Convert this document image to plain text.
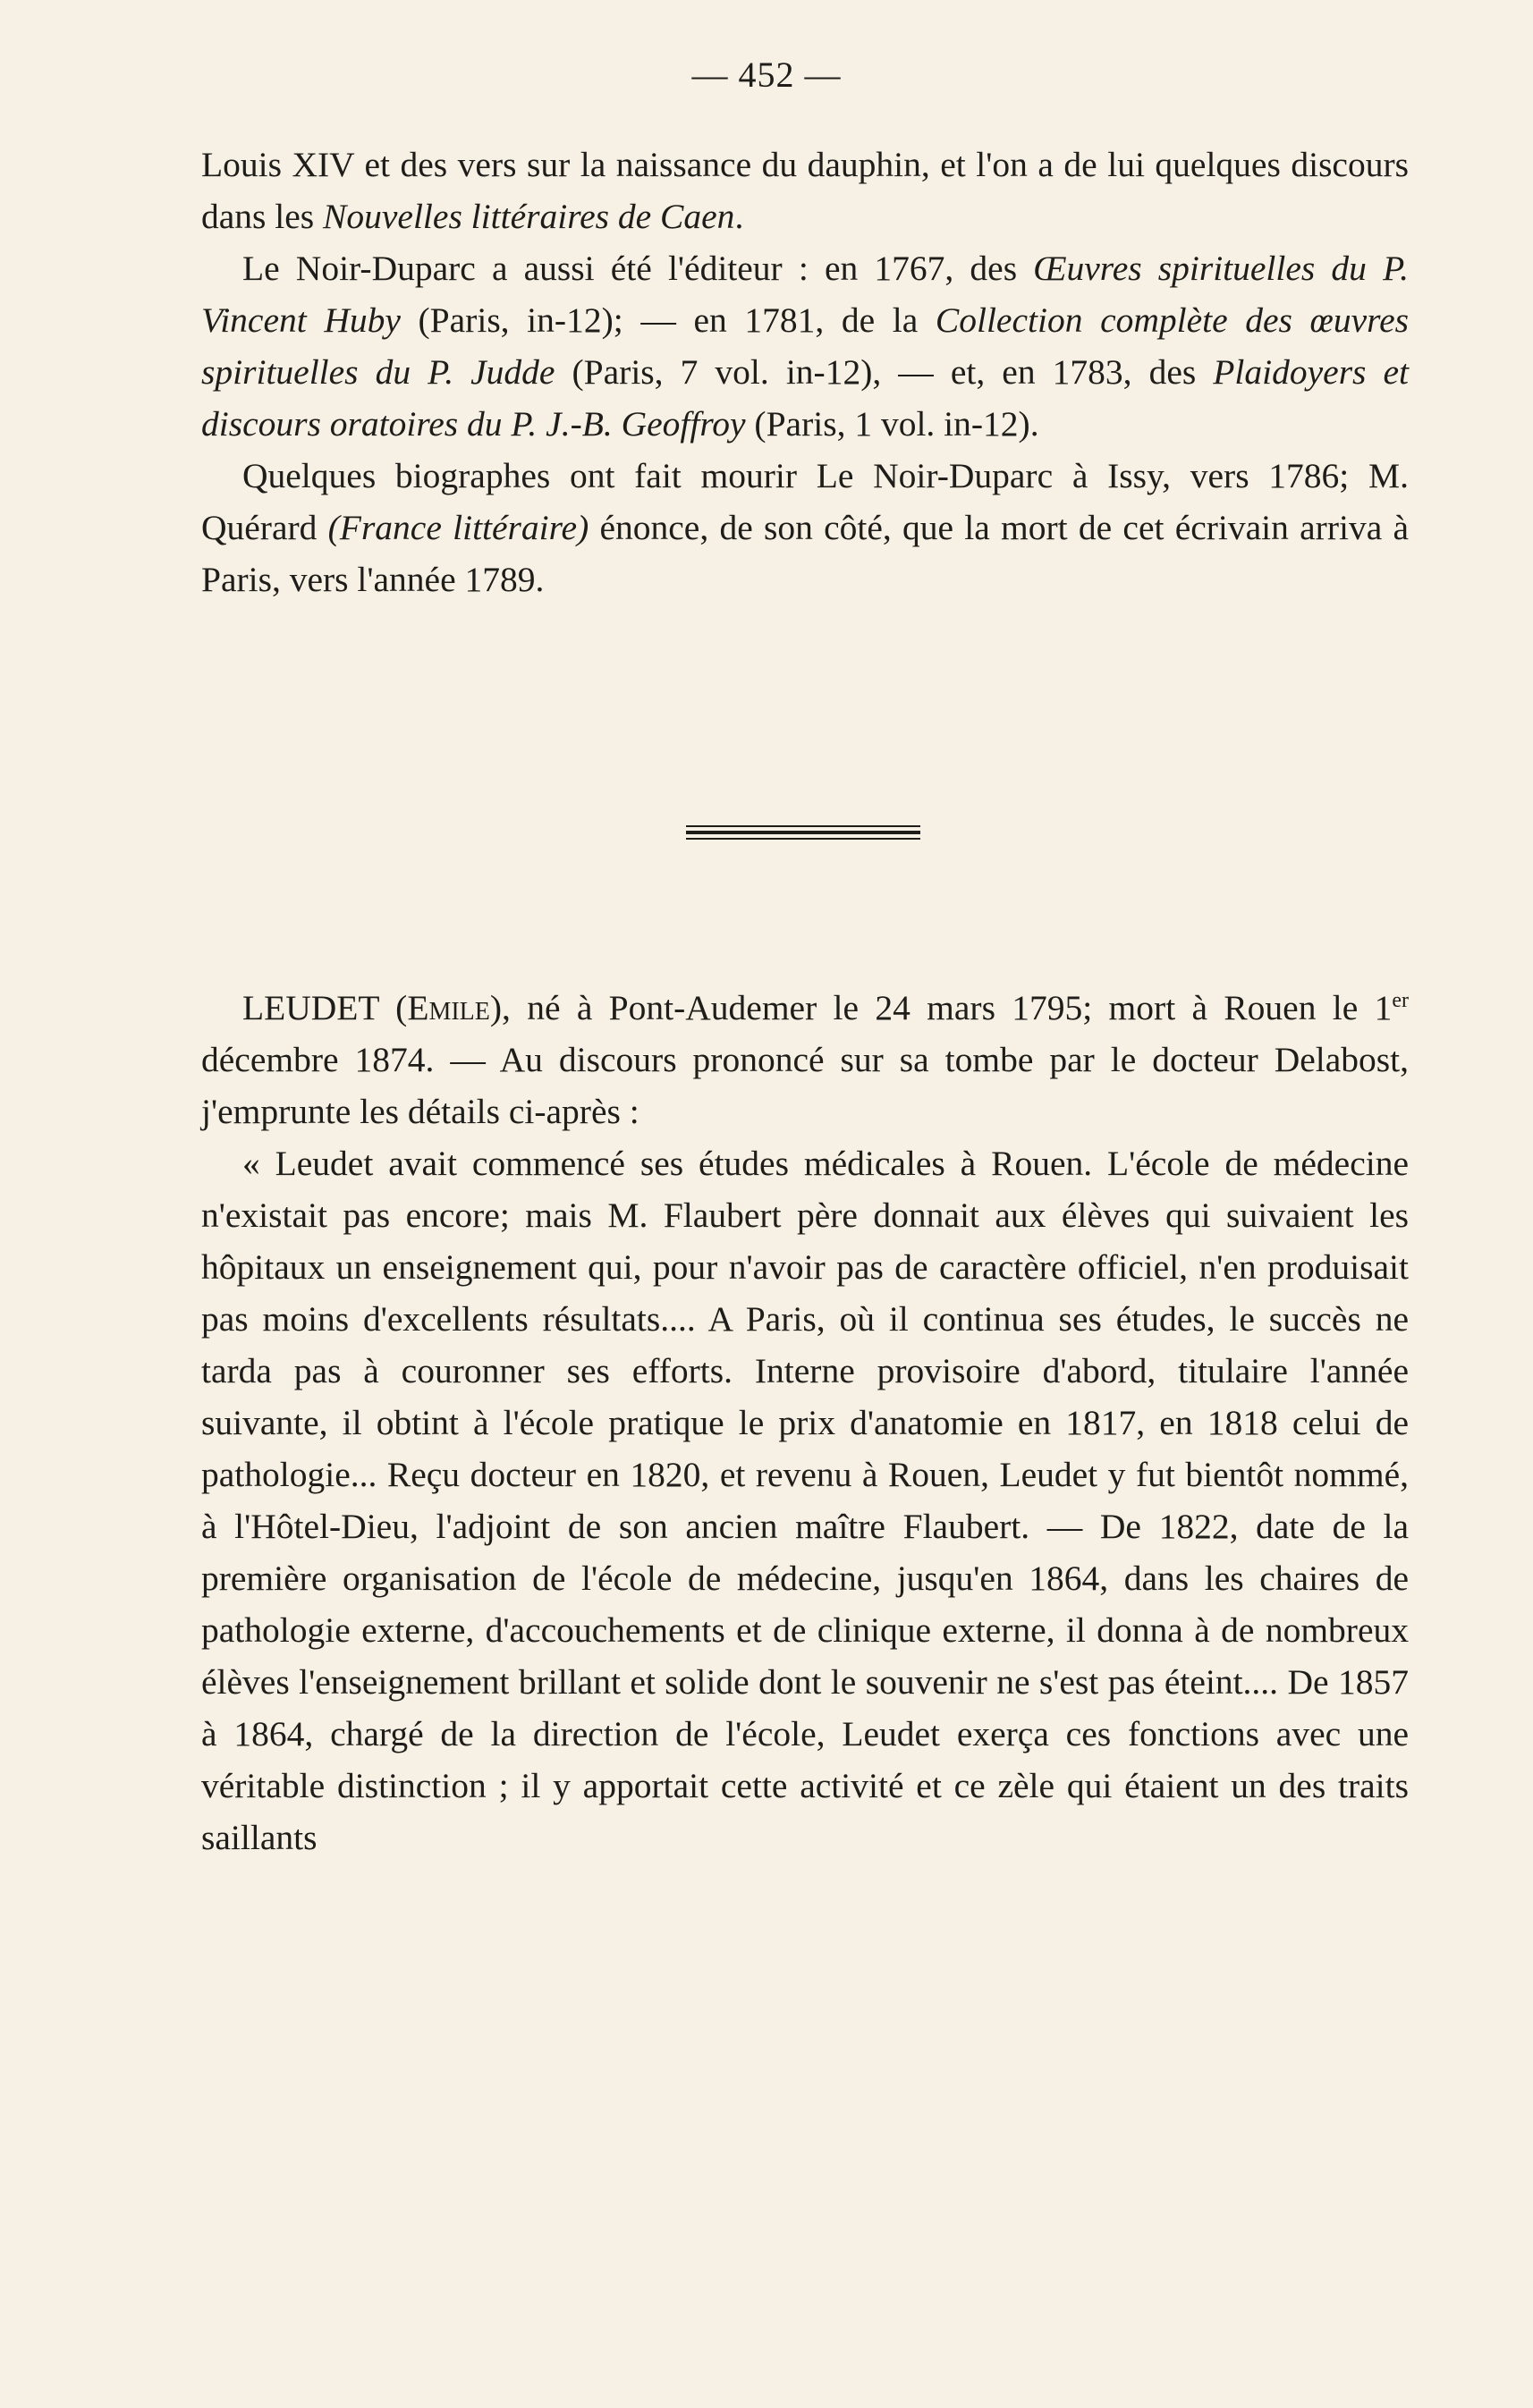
— 452 —

Louis XIV et des vers sur la naissance du dauphin, et l'on a de lui quelques discours dans les Nouvelles littéraires de Caen.

Le Noir-Duparc a aussi été l'éditeur : en 1767, des Œuvres spirituelles du P. Vincent Huby (Paris, in-12); — en 1781, de la Collection complète des œuvres spirituelles du P. Judde (Paris, 7 vol. in-12), — et, en 1783, des Plaidoyers et discours oratoires du P. J.-B. Geoffroy (Paris, 1 vol. in-12).

Quelques biographes ont fait mourir Le Noir-Duparc à Issy, vers 1786; M. Quérard (France littéraire) énonce, de son côté, que la mort de cet écrivain arriva à Paris, vers l'année 1789.

LEUDET (Emile), né à Pont-Audemer le 24 mars 1795; mort à Rouen le 1er décembre 1874. — Au discours prononcé sur sa tombe par le docteur Delabost, j'emprunte les détails ci-après :

« Leudet avait commencé ses études médicales à Rouen. L'école de médecine n'existait pas encore; mais M. Flaubert père donnait aux élèves qui suivaient les hôpitaux un enseignement qui, pour n'avoir pas de caractère officiel, n'en produisait pas moins d'excellents résultats.... A Paris, où il continua ses études, le succès ne tarda pas à couronner ses efforts. Interne provisoire d'abord, titulaire l'année suivante, il obtint à l'école pratique le prix d'anatomie en 1817, en 1818 celui de pathologie... Reçu docteur en 1820, et revenu à Rouen, Leudet y fut bientôt nommé, à l'Hôtel-Dieu, l'adjoint de son ancien maître Flaubert. — De 1822, date de la première organisation de l'école de médecine, jusqu'en 1864, dans les chaires de pathologie externe, d'accouchements et de clinique externe, il donna à de nombreux élèves l'enseignement brillant et solide dont le souvenir ne s'est pas éteint.... De 1857 à 1864, chargé de la direction de l'école, Leudet exerça ces fonctions avec une véritable distinction ; il y apportait cette activité et ce zèle qui étaient un des traits saillants
